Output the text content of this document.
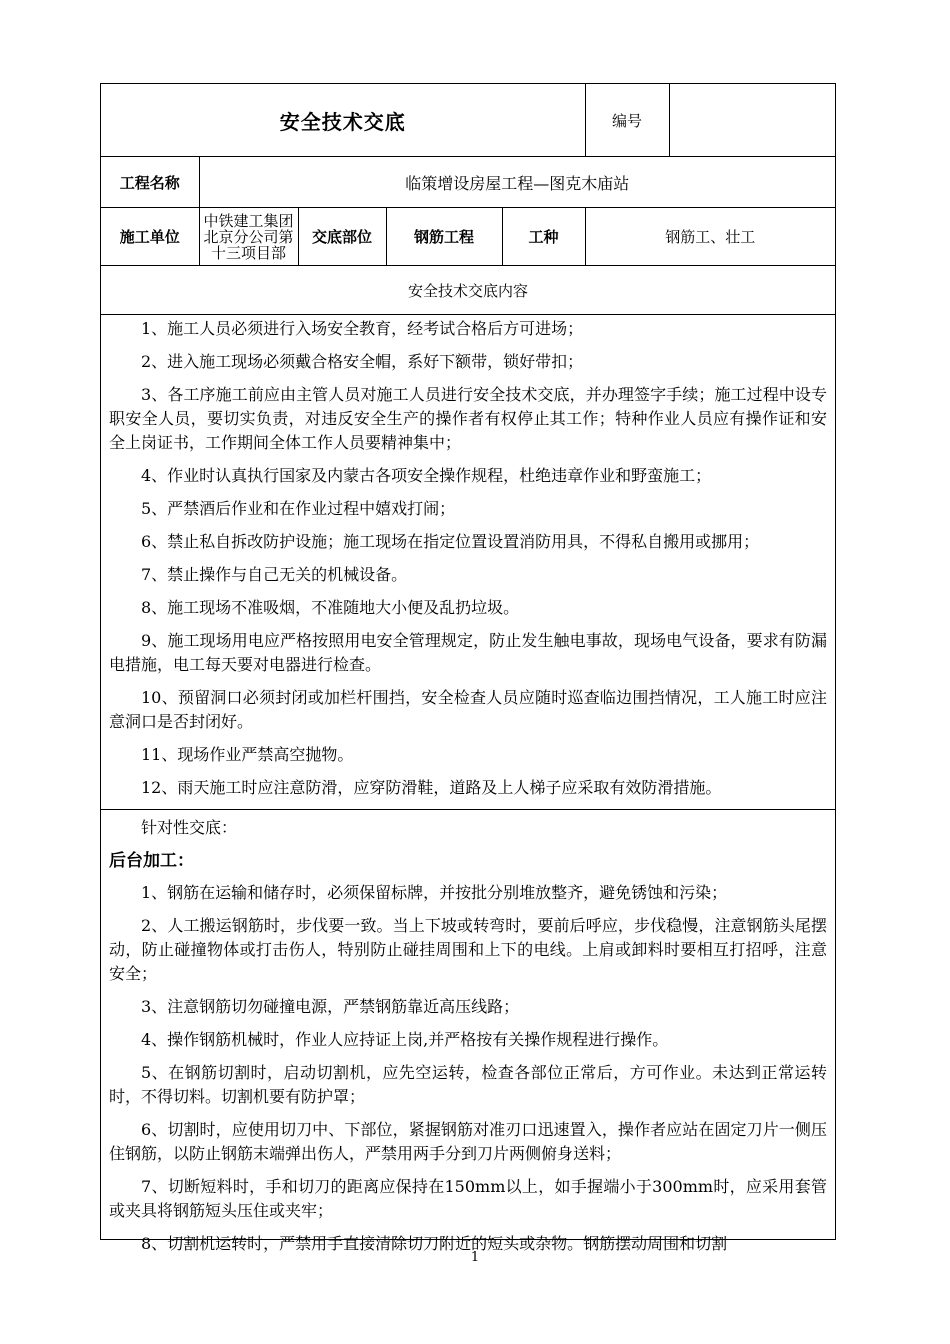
安全技术交底					编号	
工程名称	临策增设房屋工程—图克木庙站					
施工单位	中铁建工集团北京分公司第十三项目部	交底部位	钢筋工程	工种	钢筋工、壮工	
安全技术交底内容						

1、施工人员必须进行入场安全教育，经考试合格后方可进场；

2、进入施工现场必须戴合格安全帽，系好下额带，锁好带扣；

3、各工序施工前应由主管人员对施工人员进行安全技术交底，并办理签字手续；施工过程中设专职安全人员，要切实负责，对违反安全生产的操作者有权停止其工作；特种作业人员应有操作证和安全上岗证书，工作期间全体工作人员要精神集中；

4、作业时认真执行国家及内蒙古各项安全操作规程，杜绝违章作业和野蛮施工；

5、严禁酒后作业和在作业过程中嬉戏打闹；

6、禁止私自拆改防护设施；施工现场在指定位置设置消防用具，不得私自搬用或挪用；

7、禁止操作与自己无关的机械设备。

8、施工现场不准吸烟，不准随地大小便及乱扔垃圾。

9、施工现场用电应严格按照用电安全管理规定，防止发生触电事故，现场电气设备，要求有防漏电措施，电工每天要对电器进行检查。

10、预留洞口必须封闭或加栏杆围挡，安全检查人员应随时巡查临边围挡情况，工人施工时应注意洞口是否封闭好。

11、现场作业严禁高空抛物。

12、雨天施工时应注意防滑，应穿防滑鞋，道路及上人梯子应采取有效防滑措施。

针对性交底：

后台加工：

1、钢筋在运输和储存时，必须保留标牌，并按批分别堆放整齐，避免锈蚀和污染；

2、人工搬运钢筋时，步伐要一致。当上下坡或转弯时，要前后呼应，步伐稳慢，注意钢筋头尾摆动，防止碰撞物体或打击伤人，特别防止碰挂周围和上下的电线。上肩或卸料时要相互打招呼，注意安全；

3、注意钢筋切勿碰撞电源，严禁钢筋靠近高压线路；

4、操作钢筋机械时，作业人应持证上岗,并严格按有关操作规程进行操作。

5、在钢筋切割时，启动切割机，应先空运转，检查各部位正常后，方可作业。未达到正常运转时，不得切料。切割机要有防护罩；

6、切割时，应使用切刀中、下部位，紧握钢筋对准刃口迅速置入，操作者应站在固定刀片一侧压住钢筋，以防止钢筋末端弹出伤人，严禁用两手分到刀片两侧俯身送料；

7、切断短料时，手和切刀的距离应保持在150mm以上，如手握端小于300mm时，应采用套管或夹具将钢筋短头压住或夹牢；

8、切割机运转时，严禁用手直接清除切刀附近的短头或杂物。钢筋摆动周围和切割

1
